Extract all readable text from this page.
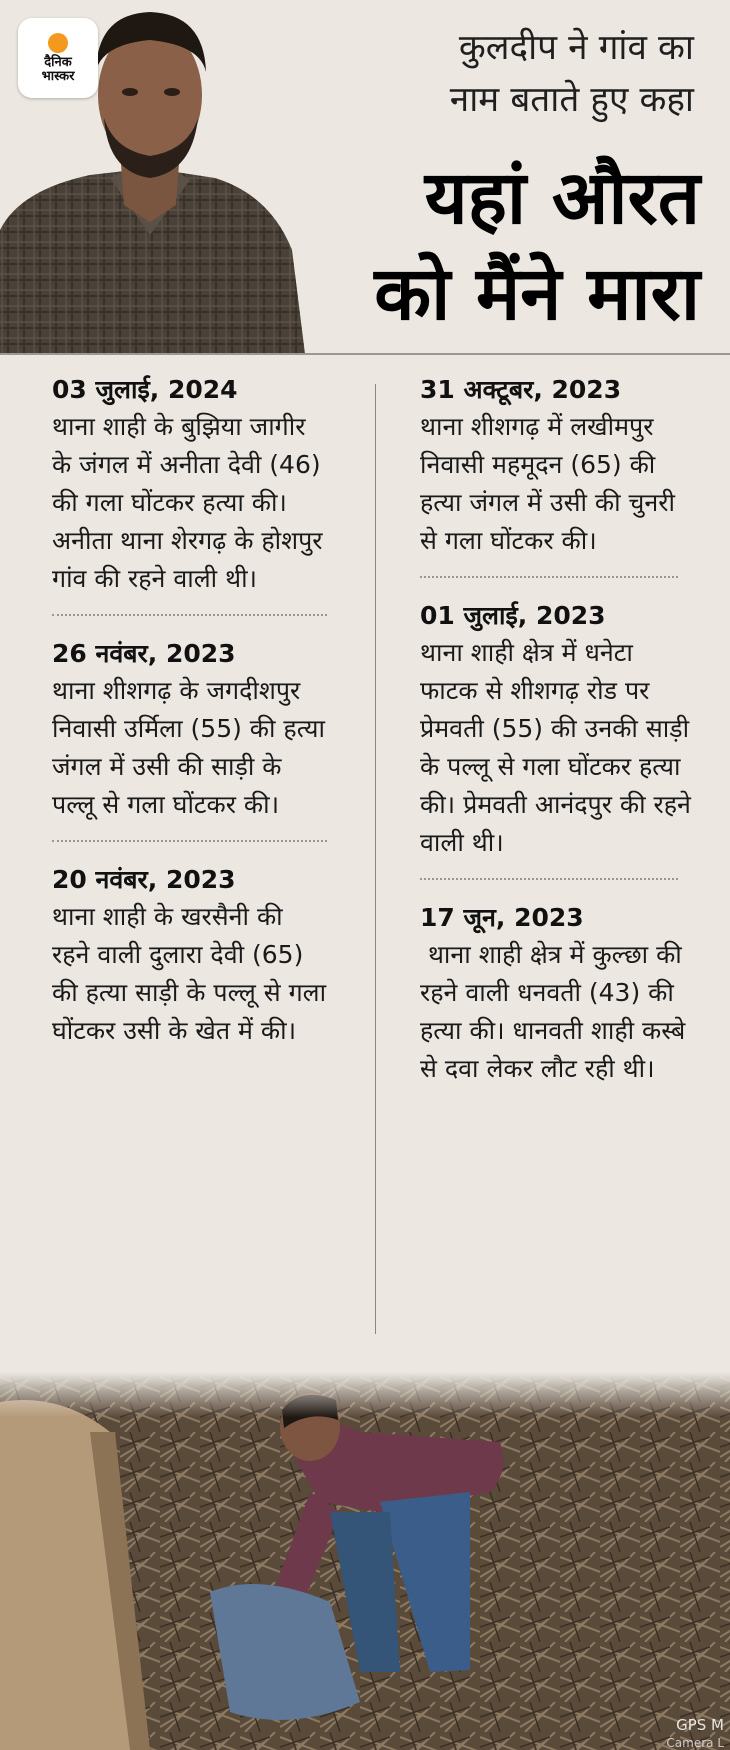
दैनिक
भास्कर
कुलदीप ने गांव का
नाम बताते हुए कहा
यहां औरत
को मैंने मारा
03 जुलाई, 2024

थाना शाही के बुझिया जागीर के जंगल में अनीता देवी (46) की गला घोंटकर हत्या की। अनीता थाना शेरगढ़ के होशपुर गांव की रहने वाली थी।

26 नवंबर, 2023

थाना शीशगढ़ के जगदीशपुर निवासी उर्मिला (55) की हत्या जंगल में उसी की साड़ी के पल्लू से गला घोंटकर की।

20 नवंबर, 2023

थाना शाही के खरसैनी की रहने वाली दुलारा देवी (65) की हत्या साड़ी के पल्लू से गला घोंटकर उसी के खेत में की।

31 अक्टूबर, 2023

थाना शीशगढ़ में लखीमपुर निवासी महमूदन (65) की हत्या जंगल में उसी की चुनरी से गला घोंटकर की।

01 जुलाई, 2023

थाना शाही क्षेत्र में धनेटा फाटक से शीशगढ़ रोड पर प्रेमवती (55) की उनकी साड़ी के पल्लू से गला घोंटकर हत्या की। प्रेमवती आनंदपुर की रहने वाली थी।

17 जून, 2023

थाना शाही क्षेत्र में कुल्छा की रहने वाली धनवती (43) की हत्या की। धानवती शाही कस्बे से दवा लेकर लौट रही थी।

GPS M
Camera L
